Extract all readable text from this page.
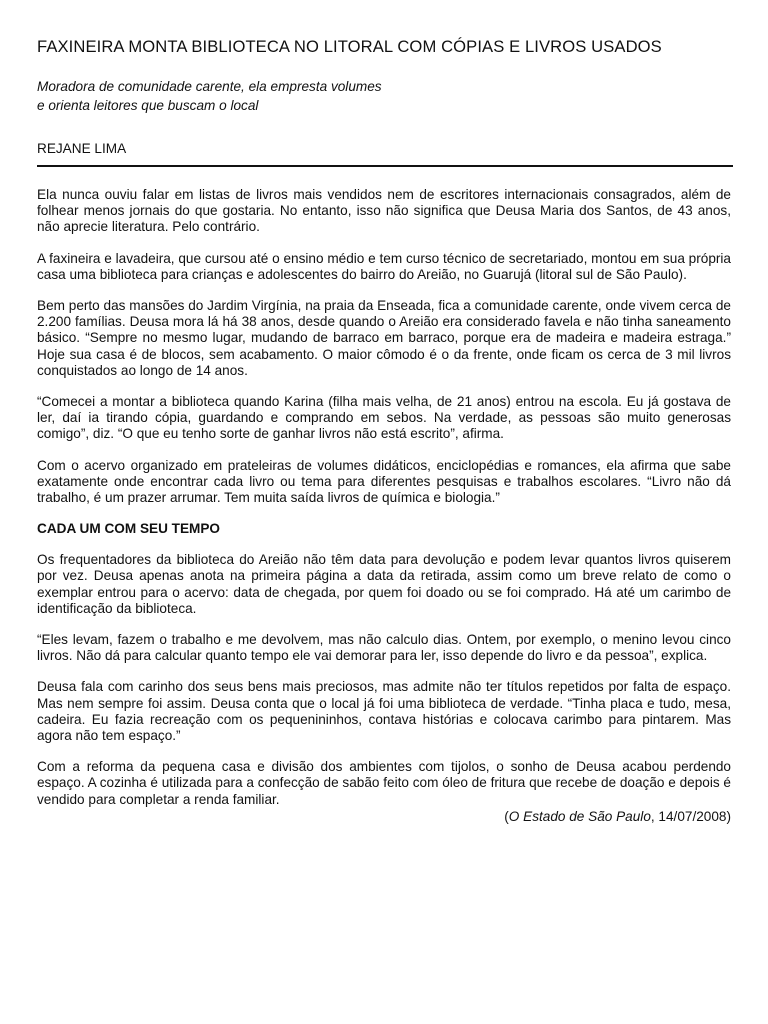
FAXINEIRA MONTA BIBLIOTECA NO LITORAL COM CÓPIAS E LIVROS USADOS
Moradora de comunidade carente, ela empresta volumes
e orienta leitores que buscam o local
REJANE LIMA

Ela nunca ouviu falar em listas de livros mais vendidos nem de escritores internacionais consagrados, além de folhear menos jornais do que gostaria. No entanto, isso não significa que Deusa Maria dos Santos, de 43 anos, não aprecie literatura. Pelo contrário.

A faxineira e lavadeira, que cursou até o ensino médio e tem curso técnico de secretariado, montou em sua própria casa uma biblioteca para crianças e adolescentes do bairro do Areião, no Guarujá (litoral sul de São Paulo).

Bem perto das mansões do Jardim Virgínia, na praia da Enseada, fica a comunidade carente, onde vivem cerca de 2.200 famílias. Deusa mora lá há 38 anos, desde quando o Areião era considerado favela e não tinha saneamento básico. “Sempre no mesmo lugar, mudando de barraco em barraco, porque era de madeira e madeira estraga.” Hoje sua casa é de blocos, sem acabamento. O maior cômodo é o da frente, onde ficam os cerca de 3 mil livros conquistados ao longo de 14 anos.

“Comecei a montar a biblioteca quando Karina (filha mais velha, de 21 anos) entrou na escola. Eu já gostava de ler, daí ia tirando cópia, guardando e comprando em sebos. Na verdade, as pessoas são muito generosas comigo”, diz. “O que eu tenho sorte de ganhar livros não está escrito”, afirma.

Com o acervo organizado em prateleiras de volumes didáticos, enciclopédias e romances, ela afirma que sabe exatamente onde encontrar cada livro ou tema para diferentes pesquisas e trabalhos escolares. “Livro não dá trabalho, é um prazer arrumar. Tem muita saída livros de química e biologia.”

CADA UM COM SEU TEMPO

Os frequentadores da biblioteca do Areião não têm data para devolução e podem levar quantos livros quiserem por vez. Deusa apenas anota na primeira página a data da retirada, assim como um breve relato de como o exemplar entrou para o acervo: data de chegada, por quem foi doado ou se foi comprado. Há até um carimbo de identificação da biblioteca.

“Eles levam, fazem o trabalho e me devolvem, mas não calculo dias. Ontem, por exemplo, o menino levou cinco livros. Não dá para calcular quanto tempo ele vai demorar para ler, isso depende do livro e da pessoa”, explica.

Deusa fala com carinho dos seus bens mais preciosos, mas admite não ter títulos repetidos por falta de espaço. Mas nem sempre foi assim. Deusa conta que o local já foi uma biblioteca de verdade. “Tinha placa e tudo, mesa, cadeira. Eu fazia recreação com os pequenininhos, contava histórias e colocava carimbo para pintarem. Mas agora não tem espaço.”

Com a reforma da pequena casa e divisão dos ambientes com tijolos, o sonho de Deusa acabou perdendo espaço. A cozinha é utilizada para a confecção de sabão feito com óleo de fritura que recebe de doação e depois é vendido para completar a renda familiar.

(O Estado de São Paulo, 14/07/2008)
